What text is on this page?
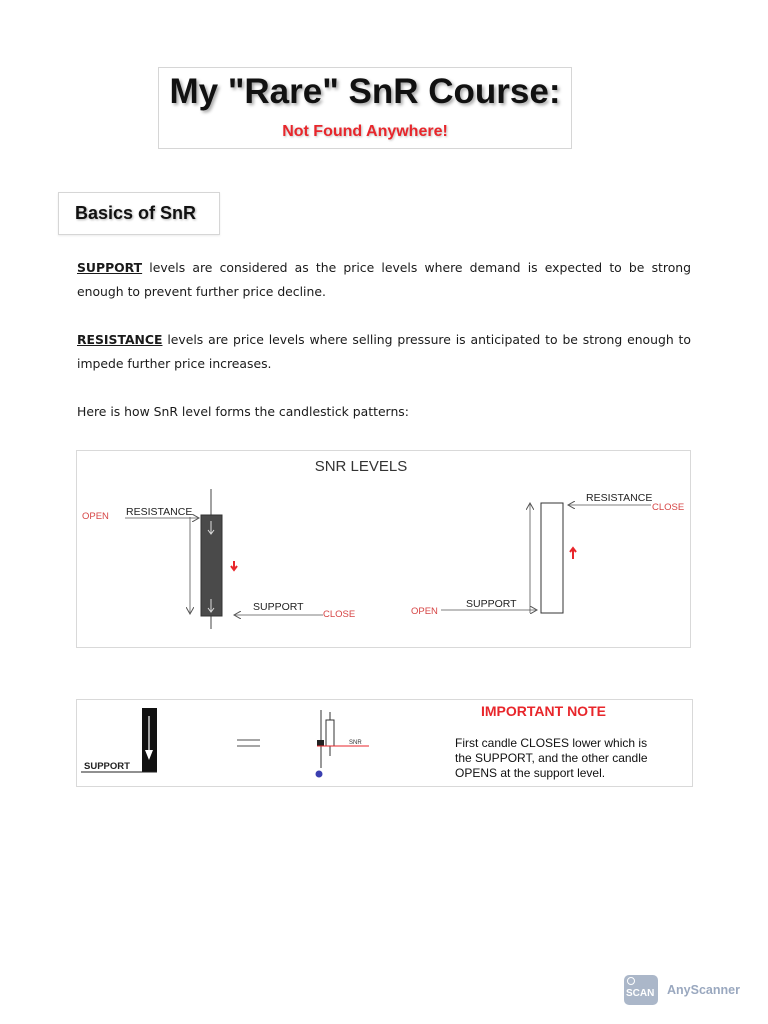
My "Rare" SnR Course:
Not Found Anywhere!
Basics of SnR
SUPPORT levels are considered as the price levels where demand is expected to be strong enough to prevent further price decline.
RESISTANCE levels are price levels where selling pressure is anticipated to be strong enough to impede further price increases.
Here is how SnR level forms the candlestick patterns:
SNR LEVELS
OPEN RESISTANCE
SUPPORT
CLOSE	OPEN
SUPPORT
RESISTANCE
CLOSE
SUPPORT
SNR
IMPORTANT NOTE
First candle CLOSES lower which is
the SUPPORT, and the other candle
OPENS at the support level.
SCAN AnyScanner
